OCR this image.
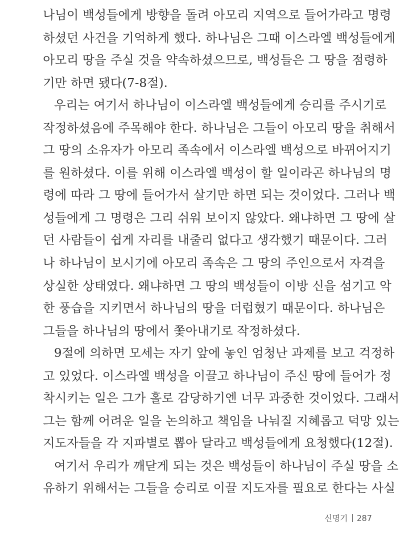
나님이 백성들에게 방향을 돌려 아모리 지역으로 들어가라고 명령
하셨던 사건을 기억하게 했다. 하나님은 그때 이스라엘 백성들에게
아모리 땅을 주실 것을 약속하셨으므로, 백성들은 그 땅을 점령하
기만 하면 됐다(7-8절).
우리는 여기서 하나님이 이스라엘 백성들에게 승리를 주시기로
작정하셨음에 주목해야 한다. 하나님은 그들이 아모리 땅을 취해서
그 땅의 소유자가 아모리 족속에서 이스라엘 백성으로 바뀌어지기
를 원하셨다. 이를 위해 이스라엘 백성이 할 일이라곤 하나님의 명
령에 따라 그 땅에 들어가서 살기만 하면 되는 것이었다. 그러나 백
성들에게 그 명령은 그리 쉬워 보이지 않았다. 왜냐하면 그 땅에 살
던 사람들이 쉽게 자리를 내줄리 없다고 생각했기 때문이다. 그러
나 하나님이 보시기에 아모리 족속은 그 땅의 주인으로서 자격을
상실한 상태였다. 왜냐하면 그 땅의 백성들이 이방 신을 섬기고 악
한 풍습을 지키면서 하나님의 땅을 더럽혔기 때문이다. 하나님은
그들을 하나님의 땅에서 쫓아내기로 작정하셨다.
9절에 의하면 모세는 자기 앞에 놓인 엄청난 과제를 보고 걱정하
고 있었다. 이스라엘 백성을 이끌고 하나님이 주신 땅에 들어가 정
착시키는 일은 그가 홀로 감당하기엔 너무 과중한 것이었다. 그래서
그는 함께 어려운 일을 논의하고 책임을 나눠질 지혜롭고 덕망 있는
지도자들을 각 지파별로 뽑아 달라고 백성들에게 요청했다(12절).
여기서 우리가 깨닫게 되는 것은 백성들이 하나님이 주실 땅을 소
유하기 위해서는 그들을 승리로 이끌 지도자를 필요로 한다는 사실
신명기 287
